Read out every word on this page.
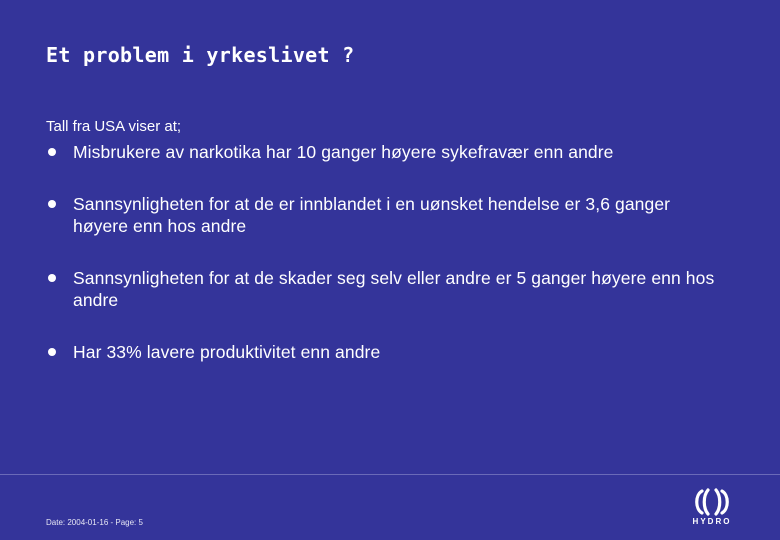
Et problem i yrkeslivet ?
Tall fra USA viser at;
Misbrukere av narkotika har 10 ganger høyere sykefravær enn andre
Sannsynligheten for at de er innblandet i en uønsket hendelse er 3,6 ganger høyere enn hos andre
Sannsynligheten for at de skader seg selv eller andre er 5 ganger høyere enn hos andre
Har 33% lavere produktivitet enn andre
Date: 2004-01-16 - Page: 5	HYDRO
